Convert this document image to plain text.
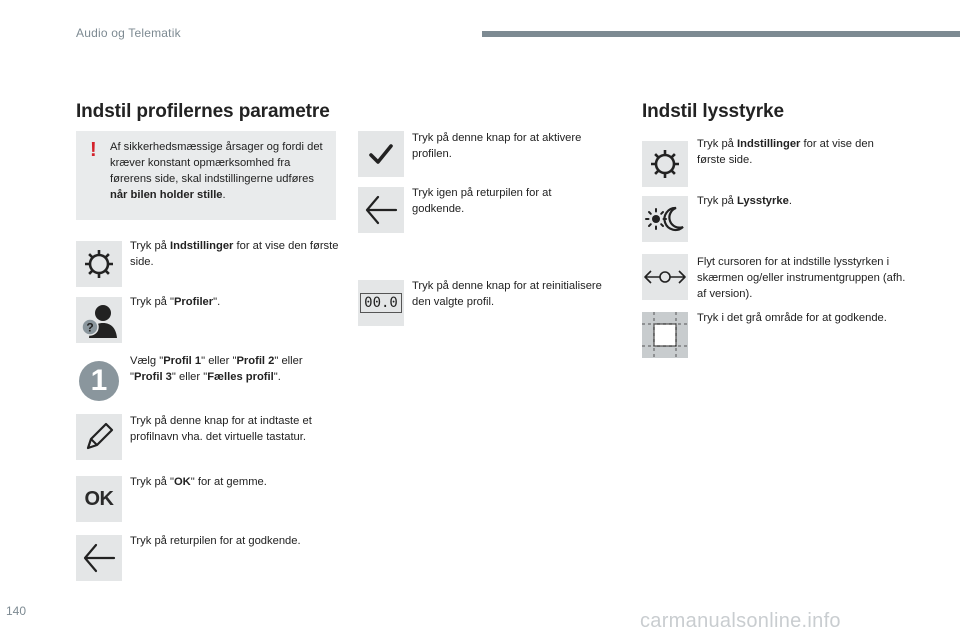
Audio og Telematik
Indstil profilernes parametre
! Af sikkerhedsmæssige årsager og fordi det kræver konstant opmærksomhed fra førerens side, skal indstillingerne udføres når bilen holder stille.
Tryk på Indstillinger for at vise den første side.
?
Tryk på "Profiler".
1
Vælg "Profil 1" eller "Profil 2" eller "Profil 3" eller "Fælles profil".
Tryk på denne knap for at indtaste et profilnavn vha. det virtuelle tastatur.
OK
Tryk på "OK" for at gemme.
Tryk på returpilen for at godkende.
Tryk på denne knap for at aktivere profilen.
Tryk igen på returpilen for at godkende.
00.0
Tryk på denne knap for at reinitialisere den valgte profil.
Indstil lysstyrke
Tryk på Indstillinger for at vise den første side.
Tryk på Lysstyrke.
Flyt cursoren for at indstille lysstyrken i skærmen og/eller instrumentgruppen (afh. af version).
Tryk i det grå område for at godkende.
140	carmanualsonline.info
